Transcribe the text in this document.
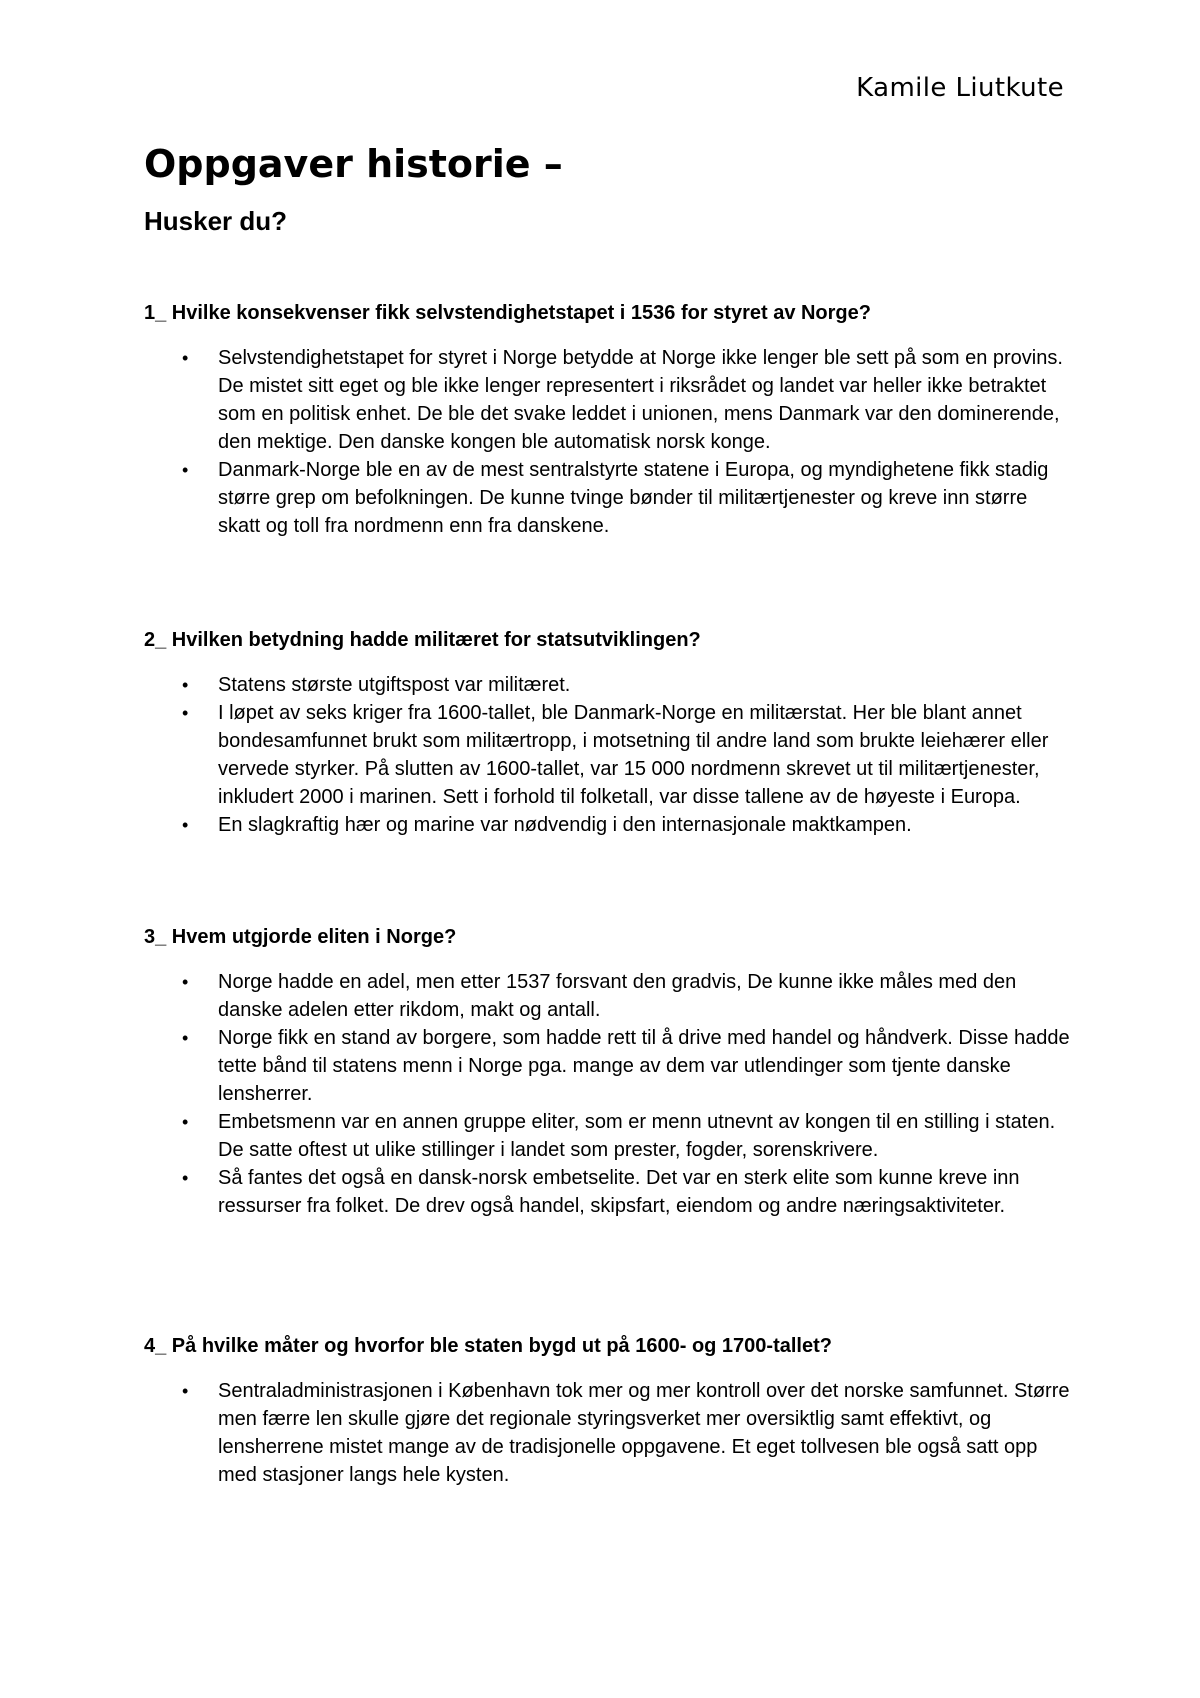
Kamile Liutkute
Oppgaver historie –
Husker du?

1_ Hvilke konsekvenser fikk selvstendighetstapet i 1536 for styret av Norge?

• Selvstendighetstapet for styret i Norge betydde at Norge ikke lenger ble sett på som en provins. De mistet sitt eget og ble ikke lenger representert i riksrådet og landet var heller ikke betraktet som en politisk enhet. De ble det svake leddet i unionen, mens Danmark var den dominerende, den mektige. Den danske kongen ble automatisk norsk konge.
• Danmark-Norge ble en av de mest sentralstyrte statene i Europa, og myndighetene fikk stadig større grep om befolkningen. De kunne tvinge bønder til militærtjenester og kreve inn større skatt og toll fra nordmenn enn fra danskene.

2_ Hvilken betydning hadde militæret for statsutviklingen?

• Statens største utgiftspost var militæret.
• I løpet av seks kriger fra 1600-tallet, ble Danmark-Norge en militærstat. Her ble blant annet bondesamfunnet brukt som militærtropp, i motsetning til andre land som brukte leiehærer eller vervede styrker. På slutten av 1600-tallet, var 15 000 nordmenn skrevet ut til militærtjenester, inkludert 2000 i marinen. Sett i forhold til folketall, var disse tallene av de høyeste i Europa.
• En slagkraftig hær og marine var nødvendig i den internasjonale maktkampen.

3_ Hvem utgjorde eliten i Norge?

• Norge hadde en adel, men etter 1537 forsvant den gradvis, De kunne ikke måles med den danske adelen etter rikdom, makt og antall.
• Norge fikk en stand av borgere, som hadde rett til å drive med handel og håndverk. Disse hadde tette bånd til statens menn i Norge pga. mange av dem var utlendinger som tjente danske lensherrer.
• Embetsmenn var en annen gruppe eliter, som er menn utnevnt av kongen til en stilling i staten. De satte oftest ut ulike stillinger i landet som prester, fogder, sorenskrivere.
• Så fantes det også en dansk-norsk embetselite. Det var en sterk elite som kunne kreve inn ressurser fra folket. De drev også handel, skipsfart, eiendom og andre næringsaktiviteter.

4_ På hvilke måter og hvorfor ble staten bygd ut på 1600- og 1700-tallet?

• Sentraladministrasjonen i København tok mer og mer kontroll over det norske samfunnet. Større men færre len skulle gjøre det regionale styringsverket mer oversiktlig samt effektivt, og lensherrene mistet mange av de tradisjonelle oppgavene. Et eget tollvesen ble også satt opp med stasjoner langs hele kysten.
